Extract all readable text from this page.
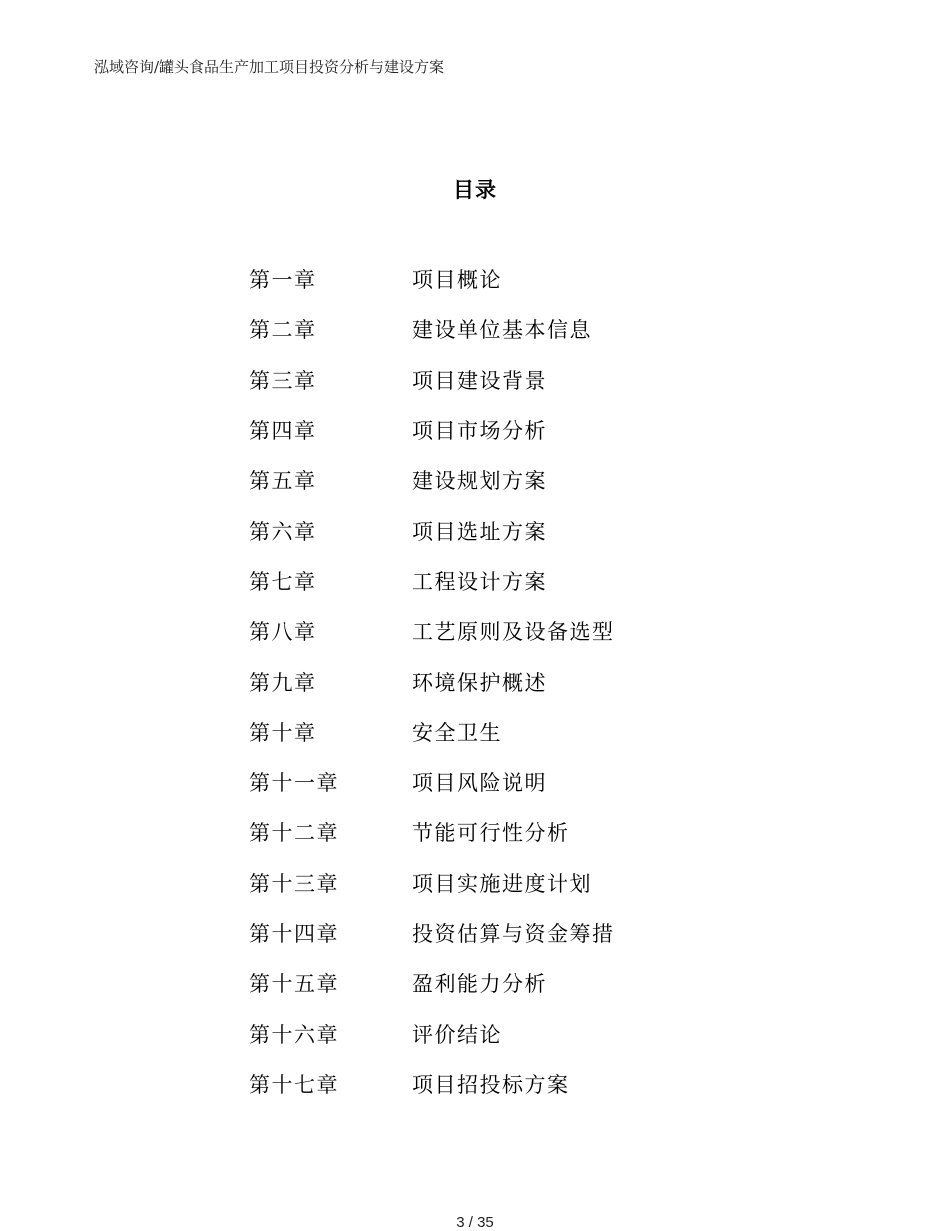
泓域咨询/罐头食品生产加工项目投资分析与建设方案
目录
第一章	项目概论
第二章	建设单位基本信息
第三章	项目建设背景
第四章	项目市场分析
第五章	建设规划方案
第六章	项目选址方案
第七章	工程设计方案
第八章	工艺原则及设备选型
第九章	环境保护概述
第十章	安全卫生
第十一章	项目风险说明
第十二章	节能可行性分析
第十三章	项目实施进度计划
第十四章	投资估算与资金筹措
第十五章	盈利能力分析
第十六章	评价结论
第十七章	项目招投标方案
3 / 35
